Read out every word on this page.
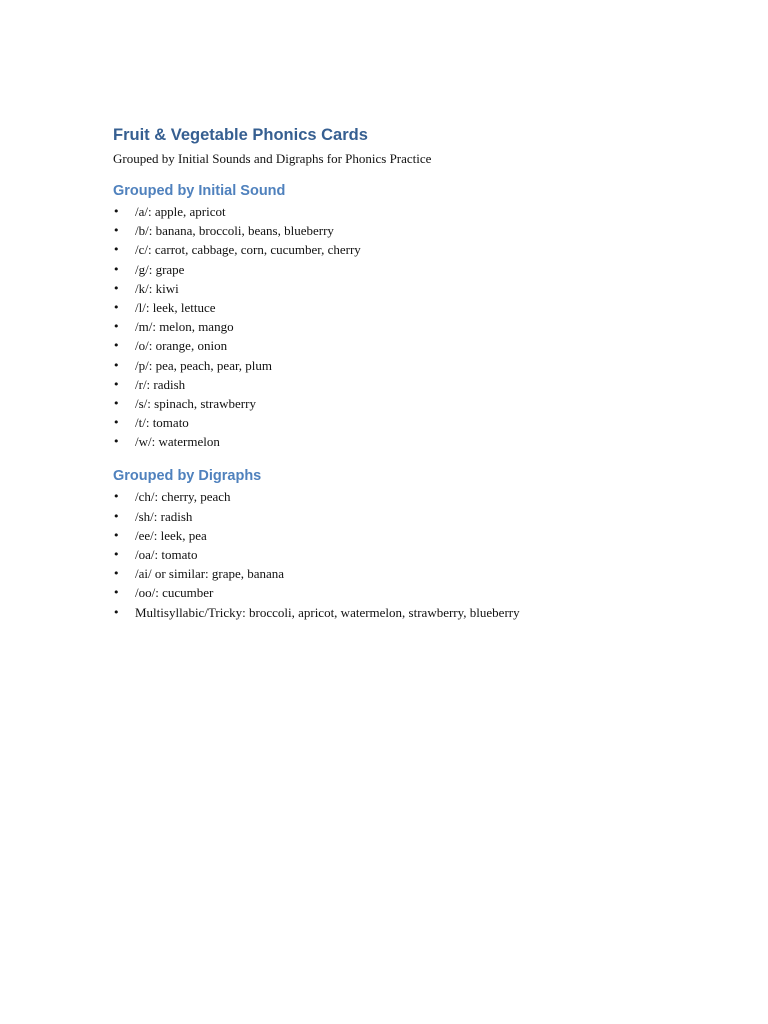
Fruit & Vegetable Phonics Cards

Grouped by Initial Sounds and Digraphs for Phonics Practice

Grouped by Initial Sound
• /a/: apple, apricot
• /b/: banana, broccoli, beans, blueberry
• /c/: carrot, cabbage, corn, cucumber, cherry
• /g/: grape
• /k/: kiwi
• /l/: leek, lettuce
• /m/: melon, mango
• /o/: orange, onion
• /p/: pea, peach, pear, plum
• /r/: radish
• /s/: spinach, strawberry
• /t/: tomato
• /w/: watermelon
Grouped by Digraphs
• /ch/: cherry, peach
• /sh/: radish
• /ee/: leek, pea
• /oa/: tomato
• /ai/ or similar: grape, banana
• /oo/: cucumber
• Multisyllabic/Tricky: broccoli, apricot, watermelon, strawberry, blueberry
